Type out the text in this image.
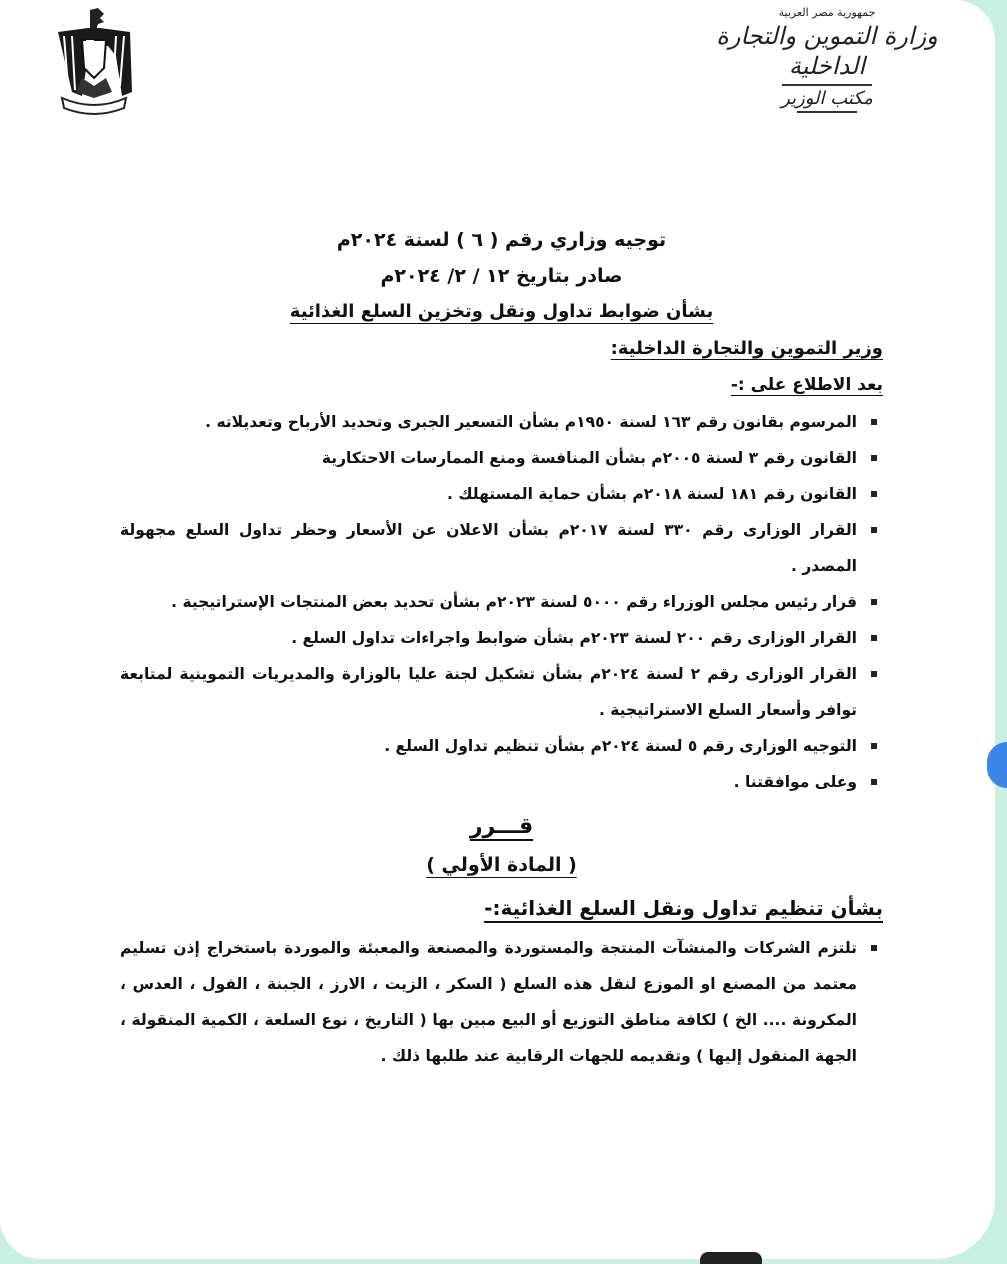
جمهورية مصر العربية
وزارة التموين والتجارة الداخلية
مكتب الوزير
توجيه وزاري رقم ( ٦ ) لسنة ٢٠٢٤م
صادر بتاريخ ١٢ / ٢/ ٢٠٢٤م
بشأن ضوابط تداول ونقل وتخزين السلع الغذائية
وزير التموين والتجارة الداخلية:
بعد الاطلاع على :-
المرسوم بقانون رقم ١٦٣ لسنة ١٩٥٠م بشأن التسعير الجبرى وتحديد الأرباح وتعديلاته .
القانون رقم ٣ لسنة ٢٠٠٥م بشأن المنافسة ومنع الممارسات الاحتكارية
القانون رقم ١٨١ لسنة ٢٠١٨م بشأن حماية المستهلك .
القرار الوزارى رقم ٣٣٠ لسنة ٢٠١٧م بشأن الاعلان عن الأسعار وحظر تداول السلع مجهولة المصدر .
قرار رئيس مجلس الوزراء رقم ٥٠٠٠ لسنة ٢٠٢٣م بشأن تحديد بعض المنتجات الإستراتيجية .
القرار الوزارى رقم ٢٠٠ لسنة ٢٠٢٣م بشأن ضوابط واجراءات تداول السلع .
القرار الوزارى رقم ٢ لسنة ٢٠٢٤م بشأن تشكيل لجنة عليا بالوزارة والمديريات التموينية لمتابعة توافر وأسعار السلع الاستراتيجية .
التوجيه الوزارى رقم ٥ لسنة ٢٠٢٤م بشأن تنظيم تداول السلع .
وعلى موافقتنا .
قـــرر
( المادة الأولي )
بشأن تنظيم تداول ونقل السلع الغذائية:-
تلتزم الشركات والمنشآت المنتجة والمستوردة والمصنعة والمعبئة والموردة باستخراج إذن تسليم معتمد من المصنع او الموزع لنقل هذه السلع ( السكر ، الزيت ، الارز ، الجبنة ، الفول ، العدس ، المكرونة .... الخ ) لكافة مناطق التوزيع أو البيع مبين بها ( التاريخ ، نوع السلعة ، الكمية المنقولة ، الجهة المنقول إليها ) وتقديمه للجهات الرقابية عند طلبها ذلك .
